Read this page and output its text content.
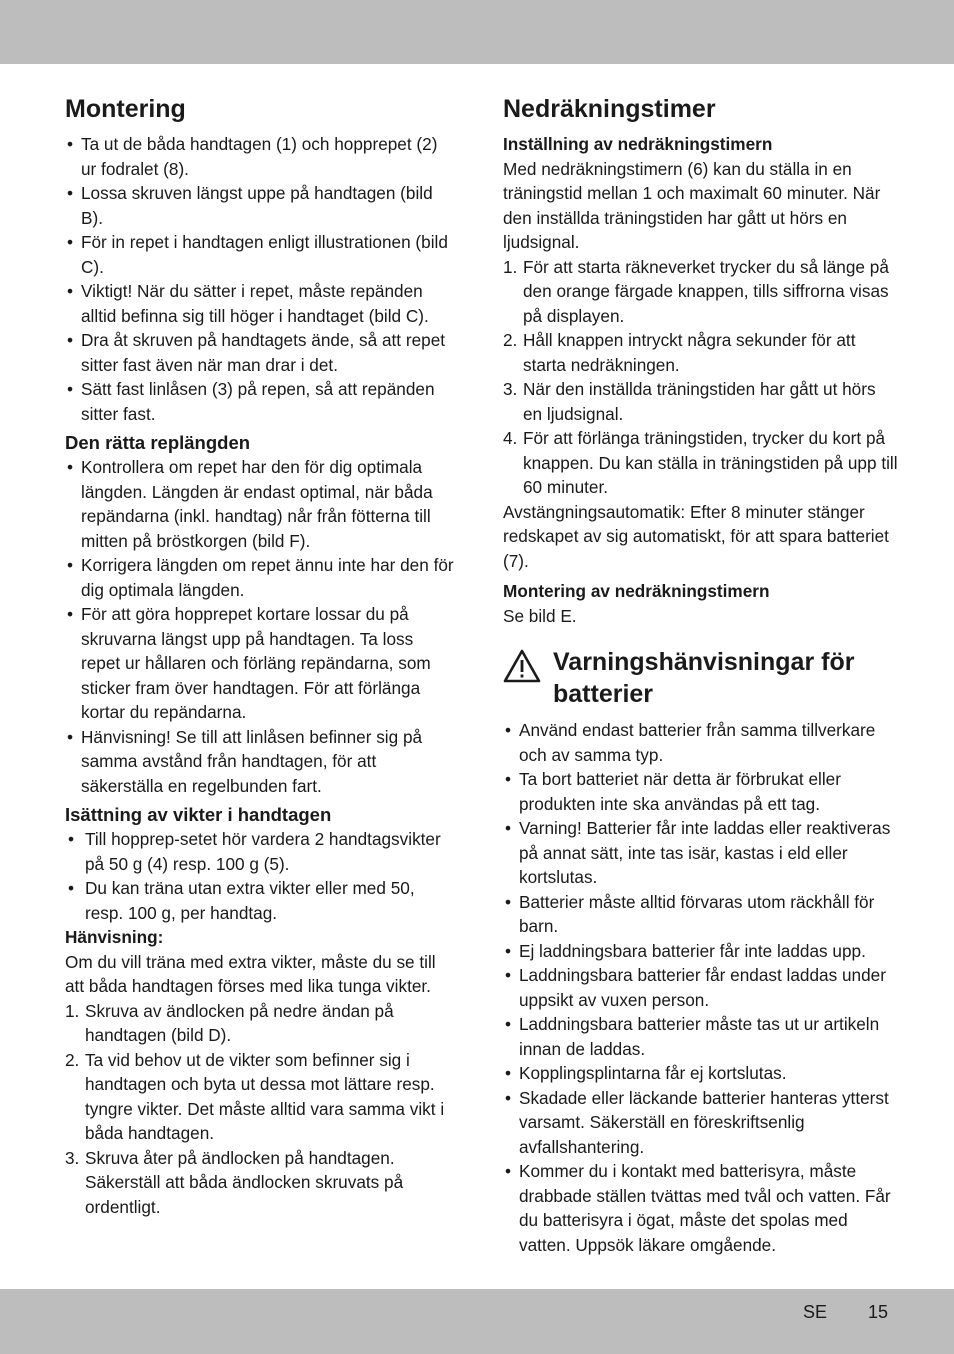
Montering
• Ta ut de båda handtagen (1) och hopprepet (2) ur fodralet (8).
• Lossa skruven längst uppe på handtagen (bild B).
• För in repet i handtagen enligt illustrationen (bild C).
• Viktigt! När du sätter i repet, måste repänden alltid befinna sig till höger i handtaget (bild C).
• Dra åt skruven på handtagets ände, så att repet sitter fast även när man drar i det.
• Sätt fast linlåsen (3) på repen, så att repänden sitter fast.
Den rätta replängden
• Kontrollera om repet har den för dig optimala längden. Längden är endast optimal, när båda repändarna (inkl. handtag) når från fötterna till mitten på bröstkorgen (bild F).
• Korrigera längden om repet ännu inte har den för dig optimala längden.
• För att göra hopprepet kortare lossar du på skruvarna längst upp på handtagen. Ta loss repet ur hållaren och förläng repändarna, som sticker fram över handtagen. För att förlänga kortar du repändarna.
• Hänvisning! Se till att linlåsen befinner sig på samma avstånd från handtagen, för att säkerställa en regelbunden fart.
Isättning av vikter i handtagen
• Till hopprep-setet hör vardera 2 handtagsvikter på 50 g (4) resp. 100 g (5).
• Du kan träna utan extra vikter eller med 50, resp. 100 g, per handtag.
Hänvisning:

Om du vill träna med extra vikter, måste du se till att båda handtagen förses med lika tunga vikter.

1. Skruva av ändlocken på nedre ändan på handtagen (bild D).
2. Ta vid behov ut de vikter som befinner sig i handtagen och byta ut dessa mot lättare resp. tyngre vikter. Det måste alltid vara samma vikt i båda handtagen.
3. Skruva åter på ändlocken på handtagen. Säkerställ att båda ändlocken skruvats på ordentligt.
Nedräkningstimer
Inställning av nedräkningstimern

Med nedräkningstimern (6) kan du ställa in en träningstid mellan 1 och maximalt 60 minuter. När den inställda träningstiden har gått ut hörs en ljudsignal.

1. För att starta räkneverket trycker du så länge på den orange färgade knappen, tills siffrorna visas på displayen.
2. Håll knappen intryckt några sekunder för att starta nedräkningen.
3. När den inställda träningstiden har gått ut hörs en ljudsignal.
4. För att förlänga träningstiden, trycker du kort på knappen. Du kan ställa in träningstiden på upp till 60 minuter.

Avstängningsautomatik: Efter 8 minuter stänger redskapet av sig automatiskt, för att spara batteriet (7).

Montering av nedräkningstimern

Se bild E.

Varningshänvisningar för batterier
• Använd endast batterier från samma tillverkare och av samma typ.
• Ta bort batteriet när detta är förbrukat eller produkten inte ska användas på ett tag.
• Varning! Batterier får inte laddas eller reaktiveras på annat sätt, inte tas isär, kastas i eld eller kortslutas.
• Batterier måste alltid förvaras utom räckhåll för barn.
• Ej laddningsbara batterier får inte laddas upp.
• Laddningsbara batterier får endast laddas under uppsikt av vuxen person.
• Laddningsbara batterier måste tas ut ur artikeln innan de laddas.
• Kopplingsplintarna får ej kortslutas.
• Skadade eller läckande batterier hanteras ytterst varsamt. Säkerställ en föreskriftsenlig avfallshantering.
• Kommer du i kontakt med batterisyra, måste drabbade ställen tvättas med tvål och vatten. Får du batterisyra i ögat, måste det spolas med vatten. Uppsök läkare omgående.
SE 15
